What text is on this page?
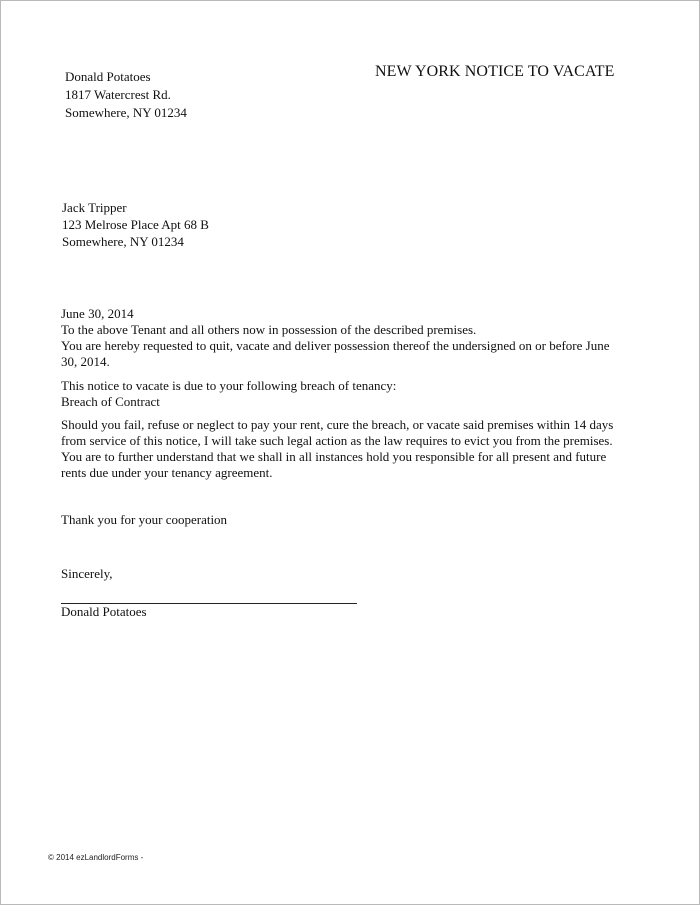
NEW YORK NOTICE TO VACATE
Donald Potatoes
1817 Watercrest Rd.
Somewhere, NY 01234
Jack Tripper
123 Melrose Place Apt 68 B
Somewhere, NY 01234
June 30, 2014
To the above Tenant and all others now in possession of the described premises.
You are hereby requested to quit, vacate and deliver possession thereof the undersigned on or before June
30, 2014.
This notice to vacate is due to your following breach of tenancy:
Breach of Contract
Should you fail, refuse or neglect to pay your rent, cure the breach, or vacate said premises within 14 days
from service of this notice, I will take such legal action as the law requires to evict you from the premises.
You are to further understand that we shall in all instances hold you responsible for all present and future
rents due under your tenancy agreement.
Thank you for your cooperation
Sincerely,
Donald Potatoes
© 2014 ezLandlordForms -
